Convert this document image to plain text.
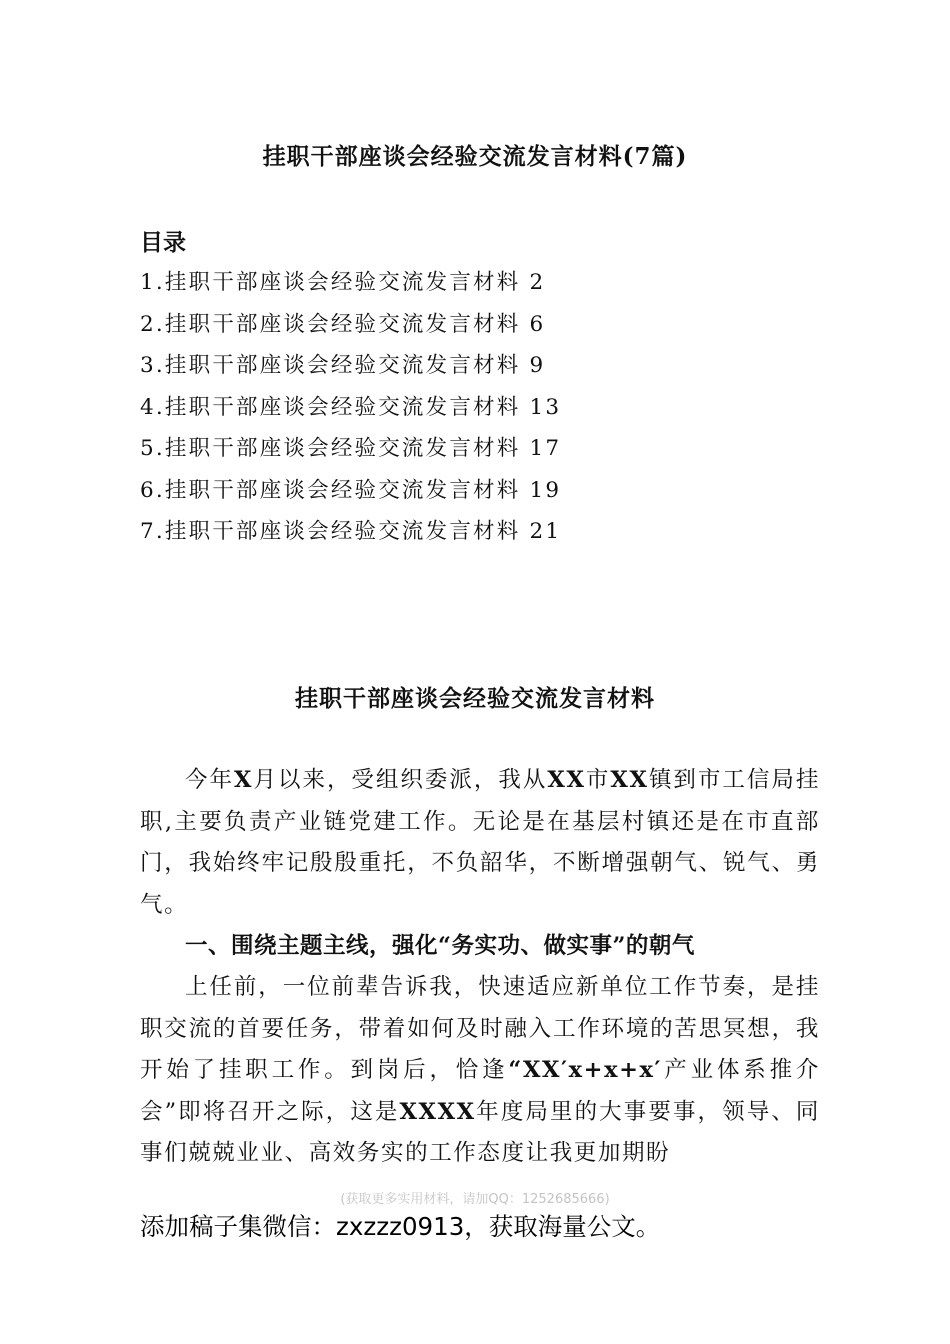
挂职干部座谈会经验交流发言材料(7篇)
目录
1.挂职干部座谈会经验交流发言材料 2
2.挂职干部座谈会经验交流发言材料 6
3.挂职干部座谈会经验交流发言材料 9
4.挂职干部座谈会经验交流发言材料 13
5.挂职干部座谈会经验交流发言材料 17
6.挂职干部座谈会经验交流发言材料 19
7.挂职干部座谈会经验交流发言材料 21
挂职干部座谈会经验交流发言材料

今年X月以来，受组织委派，我从XX市XX镇到市工信局挂职,主要负责产业链党建工作。无论是在基层村镇还是在市直部门，我始终牢记殷殷重托，不负韶华，不断增强朝气、锐气、勇气。

一、围绕主题主线，强化“务实功、做实事”的朝气

上任前，一位前辈告诉我，快速适应新单位工作节奏，是挂职交流的首要任务，带着如何及时融入工作环境的苦思冥想，我开始了挂职工作。到岗后，恰逢“XX′x+x+x′产业体系推介会”即将召开之际，这是XXXX年度局里的大事要事，领导、同事们兢兢业业、高效务实的工作态度让我更加期盼

(获取更多实用材料，请加QQ：1252685666)
添加稿子集微信：zxzzz0913，获取海量公文。
